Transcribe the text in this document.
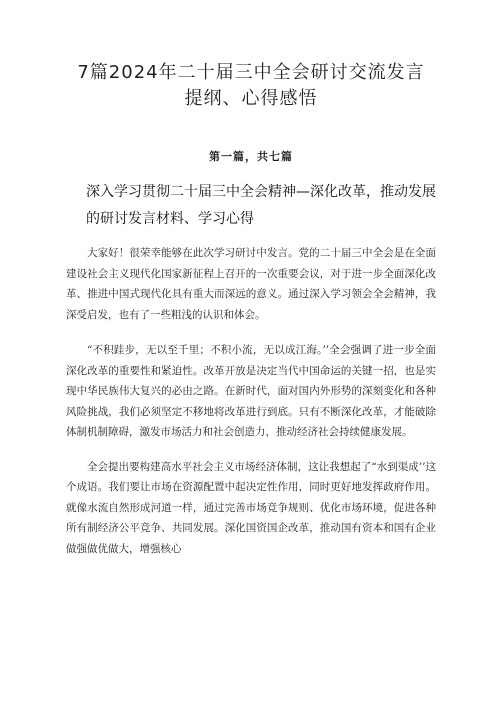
7篇2024年二十届三中全会研讨交流发言
提纲、心得感悟
第一篇，共七篇
深入学习贯彻二十届三中全会精神—深化改革，推动发展的研讨发言材料、学习心得

大家好！很荣幸能够在此次学习研讨中发言。党的二十届三中全会是在全面建设社会主义现代化国家新征程上召开的一次重要会议，对于进一步全面深化改革、推进中国式现代化具有重大而深远的意义。通过深入学习领会全会精神，我深受启发，也有了一些粗浅的认识和体会。

“不积跬步，无以至千里；不积小流，无以成江海。’’全会强调了进一步全面深化改革的重要性和紧迫性。改革开放是决定当代中国命运的关键一招，也是实现中华民族伟大复兴的必由之路。在新时代，面对国内外形势的深刻变化和各种风险挑战，我们必须坚定不移地将改革进行到底。只有不断深化改革，才能破除体制机制障碍，激发市场活力和社会创造力，推动经济社会持续健康发展。

全会提出要构建高水平社会主义市场经济体制，这让我想起了“水到渠成’’这个成语。我们要让市场在资源配置中起决定性作用，同时更好地发挥政府作用。就像水流自然形成河道一样，通过完善市场竞争规则、优化市场环境，促进各种所有制经济公平竞争、共同发展。深化国资国企改革，推动国有资本和国有企业做强做优做大，增强核心
